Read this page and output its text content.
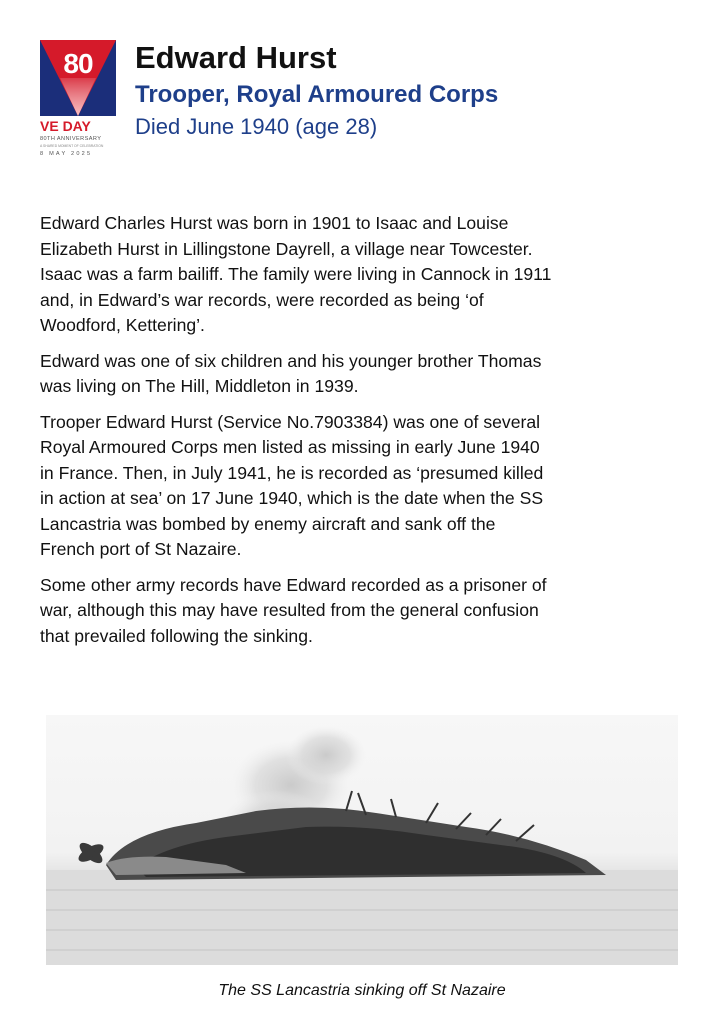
80
VE DAY
80TH ANNIVERSARY
A SHARED MOMENT OF CELEBRATION
8 MAY 2025
Edward Hurst
Trooper, Royal Armoured Corps
Died June 1940 (age 28)

Edward Charles Hurst was born in 1901 to Isaac and Louise
Elizabeth Hurst in Lillingstone Dayrell, a village near Towcester.
Isaac was a farm bailiff. The family were living in Cannock in 1911
and, in Edward’s war records, were recorded as being ‘of
Woodford, Kettering’.

Edward was one of six children and his younger brother Thomas
was living on The Hill, Middleton in 1939.

Trooper Edward Hurst (Service No.7903384) was one of several
Royal Armoured Corps men listed as missing in early June 1940
in France. Then, in July 1941, he is recorded as ‘presumed killed
in action at sea’ on 17 June 1940, which is the date when the SS
Lancastria was bombed by enemy aircraft and sank off the
French port of St Nazaire.

Some other army records have Edward recorded as a prisoner of
war, although this may have resulted from the general confusion
that prevailed following the sinking.

The SS Lancastria sinking off St Nazaire
